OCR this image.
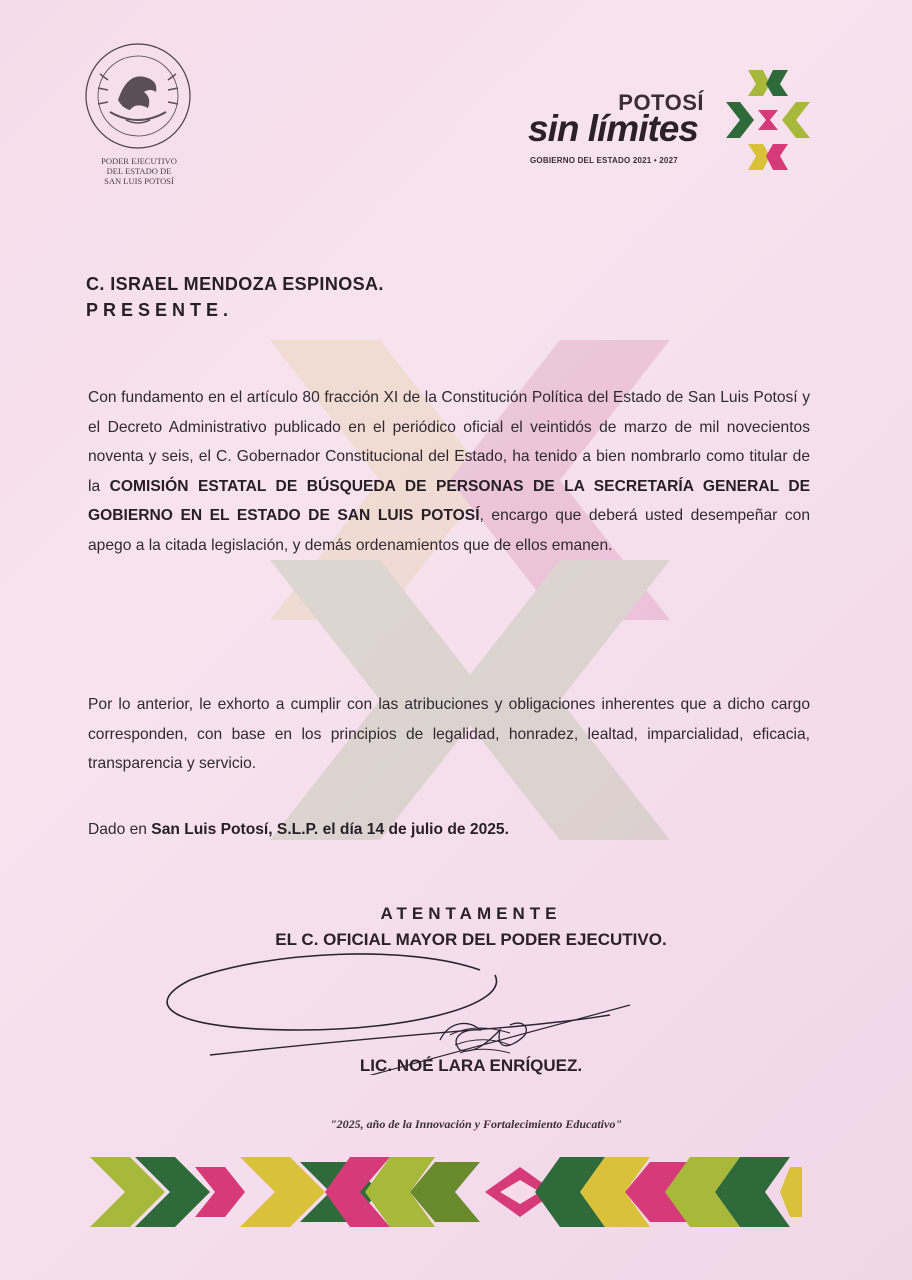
PODER EJECUTIVO
DEL ESTADO DE
SAN LUIS POTOSÍ
POTOSÍ
sin límites
GOBIERNO DEL ESTADO 2021 • 2027
C. ISRAEL MENDOZA ESPINOSA.
PRESENTE.
Con fundamento en el artículo 80 fracción XI de la Constitución Política del Estado de San Luis Potosí y el Decreto Administrativo publicado en el periódico oficial el veintidós de marzo de mil novecientos noventa y seis, el C. Gobernador Constitucional del Estado, ha tenido a bien nombrarlo como titular de la COMISIÓN ESTATAL DE BÚSQUEDA DE PERSONAS DE LA SECRETARÍA GENERAL DE GOBIERNO EN EL ESTADO DE SAN LUIS POTOSÍ, encargo que deberá usted desempeñar con apego a la citada legislación, y demás ordenamientos que de ellos emanen.
Por lo anterior, le exhorto a cumplir con las atribuciones y obligaciones inherentes que a dicho cargo corresponden, con base en los principios de legalidad, honradez, lealtad, imparcialidad, eficacia, transparencia y servicio.
Dado en San Luis Potosí, S.L.P. el día 14 de julio de 2025.
ATENTAMENTE
EL C. OFICIAL MAYOR DEL PODER EJECUTIVO.
LIC. NOÉ LARA ENRÍQUEZ.
"2025, año de la Innovación y Fortalecimiento Educativo"
